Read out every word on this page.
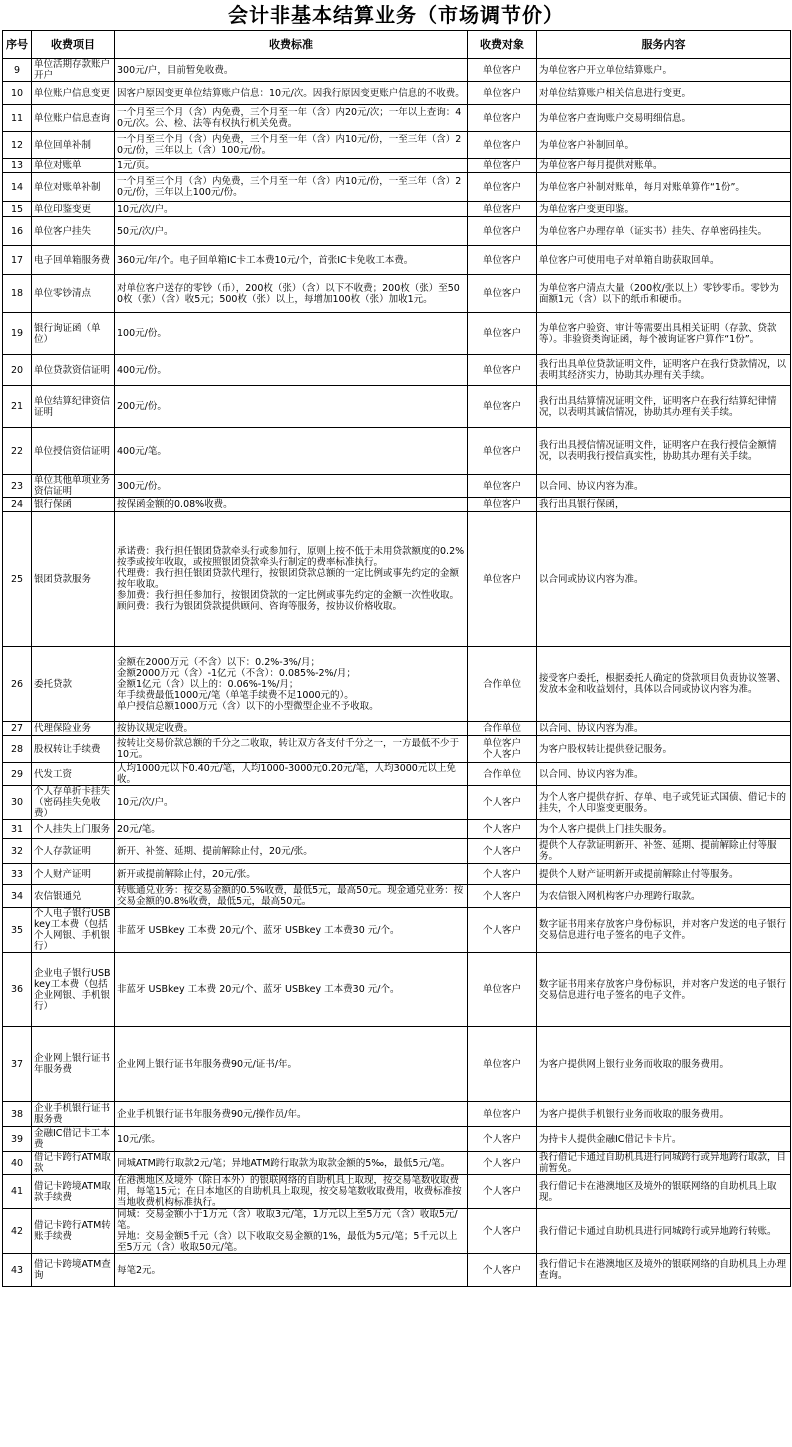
会计非基本结算业务（市场调节价）
序号	收费项目	收费标准	收费对象	服务内容
9	单位活期存款账户开户	300元/户，目前暂免收费。	单位客户	为单位客户开立单位结算账户。
10	单位账户信息变更	因客户原因变更单位结算账户信息：10元/次。因我行原因变更账户信息的不收费。	单位客户	对单位结算账户相关信息进行变更。
11	单位账户信息查询	一个月至三个月（含）内免费，三个月至一年（含）内20元/次；一年以上查询：40元/次。公、检、法等有权执行机关免费。	单位客户	为单位客户查询账户交易明细信息。
12	单位回单补制	一个月至三个月（含）内免费，三个月至一年（含）内10元/份，一至三年（含）20元/份，三年以上（含）100元/份。	单位客户	为单位客户补制回单。
13	单位对账单	1元/页。	单位客户	为单位客户每月提供对账单。
14	单位对账单补制	一个月至三个月（含）内免费，三个月至一年（含）内10元/份，一至三年（含）20元/份，三年以上100元/份。	单位客户	为单位客户补制对账单，每月对账单算作“1份”。
15	单位印鉴变更	10元/次/户。	单位客户	为单位客户变更印鉴。
16	单位客户挂失	50元/次/户。	单位客户	为单位客户办理存单（证实书）挂失、存单密码挂失。
17	电子回单箱服务费	360元/年/个。电子回单箱IC卡工本费10元/个，首张IC卡免收工本费。	单位客户	单位客户可使用电子对单箱自助获取回单。
18	单位零钞清点	对单位客户送存的零钞（币），200枚（张）（含）以下不收费；200枚（张）至500枚（张）（含）收5元；500枚（张）以上，每增加100枚（张）加收1元。	单位客户	为单位客户清点大量（200枚/张以上）零钞零币。零钞为面额1元（含）以下的纸币和硬币。
19	银行询证函（单位）	100元/份。	单位客户	为单位客户验资、审计等需要出具相关证明（存款、贷款等）。非验资类询证函，每个被询证客户算作“1份”。
20	单位贷款资信证明	400元/份。	单位客户	我行出具单位贷款证明文件，证明客户在我行贷款情况，以表明其经济实力，协助其办理有关手续。
21	单位结算纪律资信证明	200元/份。	单位客户	我行出具结算情况证明文件，证明客户在我行结算纪律情况，以表明其诚信情况，协助其办理有关手续。
22	单位授信资信证明	400元/笔。	单位客户	我行出具授信情况证明文件，证明客户在我行授信金额情况，以表明我行授信真实性，协助其办理有关手续。
23	单位其他单项业务资信证明	300元/份。	单位客户	以合同、协议内容为准。
24	银行保函	按保函金额的0.08%收费。	单位客户	我行出具银行保函，
25	银团贷款服务	承诺费：我行担任银团贷款牵头行或参加行，原则上按不低于未用贷款额度的0.2%按季或按年收取，或按照银团贷款牵头行制定的费率标准执行。
代理费：我行担任银团贷款代理行，按银团贷款总额的一定比例或事先约定的金额按年收取。
参加费：我行担任参加行，按银团贷款的一定比例或事先约定的金额一次性收取。
顾问费：我行为银团贷款提供顾问、咨询等服务，按协议价格收取。	单位客户	以合同或协议内容为准。
26	委托贷款	金额在2000万元（不含）以下：0.2%-3%/月；
金额2000万元（含）-1亿元（不含）：0.085%-2%/月；
金额1亿元（含）以上的：0.06%-1%/月；
年手续费最低1000元/笔（单笔手续费不足1000元的）。
单户授信总额1000万元（含）以下的小型微型企业不予收取。	合作单位	接受客户委托，根据委托人确定的贷款项目负责协议签署、发放本金和收益划付，具体以合同或协议内容为准。
27	代理保险业务	按协议规定收费。	合作单位	以合同、协议内容为准。
28	股权转让手续费	按转让交易价款总额的千分之二收取，转让双方各支付千分之一，一方最低不少于10元。	单位客户
个人客户	为客户股权转让提供登记服务。
29	代发工资	人均1000元以下0.40元/笔，人均1000-3000元0.20元/笔，人均3000元以上免收。	合作单位	以合同、协议内容为准。
30	个人存单折卡挂失（密码挂失免收费）	10元/次/户。	个人客户	为个人客户提供存折、存单、电子或凭证式国债、借记卡的挂失，个人印鉴变更服务。
31	个人挂失上门服务	20元/笔。	个人客户	为个人客户提供上门挂失服务。
32	个人存款证明	新开、补签、延期、提前解除止付，20元/张。	个人客户	提供个人存款证明新开、补签、延期、提前解除止付等服务。
33	个人财产证明	新开或提前解除止付，20元/张。	个人客户	提供个人财产证明新开或提前解除止付等服务。
34	农信银通兑	转账通兑业务：按交易金额的0.5%收费，最低5元，最高50元。现金通兑业务：按交易金额的0.8%收费，最低5元，最高50元。	个人客户	为农信银入网机构客户办理跨行取款。
35	个人电子银行USBkey工本费（包括个人网银、手机银行）	非蓝牙 USBkey 工本费 20元/个、蓝牙 USBkey 工本费30 元/个。	个人客户	数字证书用来存放客户身份标识，并对客户发送的电子银行交易信息进行电子签名的电子文件。
36	企业电子银行USBkey工本费（包括企业网银、手机银行）	非蓝牙 USBkey 工本费 20元/个、蓝牙 USBkey 工本费30 元/个。	单位客户	数字证书用来存放客户身份标识，并对客户发送的电子银行交易信息进行电子签名的电子文件。
37	企业网上银行证书年服务费	企业网上银行证书年服务费90元/证书/年。	单位客户	为客户提供网上银行业务而收取的服务费用。
38	企业手机银行证书服务费	企业手机银行证书年服务费90元/操作员/年。	单位客户	为客户提供手机银行业务而收取的服务费用。
39	金融IC借记卡工本费	10元/张。	个人客户	为持卡人提供金融IC借记卡卡片。
40	借记卡跨行ATM取款	同城ATM跨行取款2元/笔；异地ATM跨行取款为取款金额的5‰，最低5元/笔。	个人客户	我行借记卡通过自助机具进行同城跨行或异地跨行取款，目前暂免。
41	借记卡跨境ATM取款手续费	在港澳地区及境外（除日本外）的银联网络的自助机具上取现，按交易笔数收取费用，每笔15元；在日本地区的自助机具上取现，按交易笔数收取费用，收费标准按当地收费机构标准执行。	个人客户	我行借记卡在港澳地区及境外的银联网络的自助机具上取现。
42	借记卡跨行ATM转账手续费	同城：交易金额小于1万元（含）收取3元/笔，1万元以上至5万元（含）收取5元/笔。
异地：交易金额5千元（含）以下收取交易金额的1%，最低为5元/笔；5千元以上至5万元（含）收取50元/笔。	个人客户	我行借记卡通过自助机具进行同城跨行或异地跨行转账。
43	借记卡跨境ATM查询	每笔2元。	个人客户	我行借记卡在港澳地区及境外的银联网络的自助机具上办理查询。
